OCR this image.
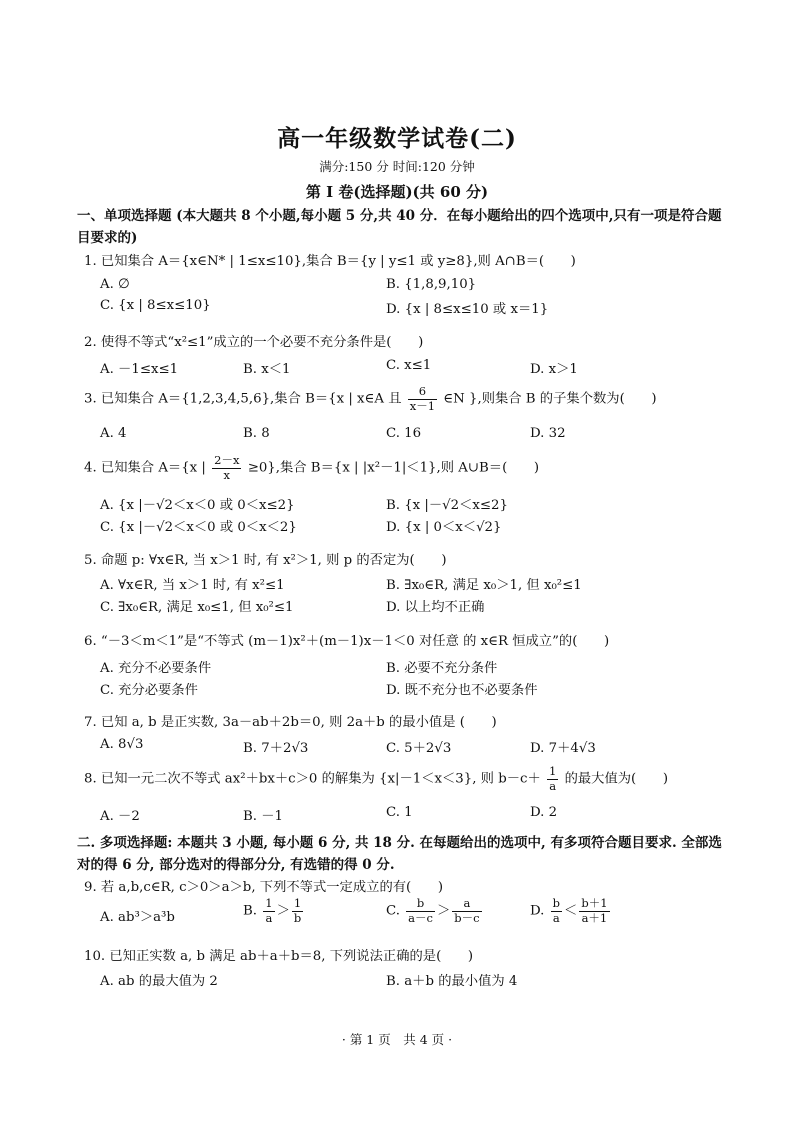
高一年级数学试卷(二)
满分:150 分 时间:120 分钟
第 I 卷(选择题)(共 60 分)
一、单项选择题 (本大题共 8 个小题,每小题 5 分,共 40 分．在每小题给出的四个选项中,只有一项是符合题目要求的)
1. 已知集合 A＝{x∈N* | 1≤x≤10},集合 B＝{y | y≤1 或 y≥8},则 A∩B＝(　　)
A. ∅	B. {1,8,9,10}
C. {x | 8≤x≤10}	D. {x | 8≤x≤10 或 x＝1}
2. 使得不等式“x²≤1”成立的一个必要不充分条件是(　　)
A. －1≤x≤1	B. x＜1	C. x≤1	D. x＞1
3. 已知集合 A＝{1,2,3,4,5,6},集合 B＝{x | x∈A 且 $\frac{6}{x-1}$ ∈N },则集合 B 的子集个数为(　　)
A. 4	B. 8	C. 16	D. 32
4. 已知集合 A＝{x | $\frac{2-x}{x} \ge 0$},集合 B＝{x | |x²－1|＜1},则 A∪B＝(　　)
A. {x |－√2＜x＜0 或 0＜x≤2}	B. {x |－√2＜x≤2}
C. {x |－√2＜x＜0 或 0＜x＜2}	D. {x | 0＜x＜√2}
5. 命题 p: ∀x∈R, 当 x＞1 时, 有 x²＞1, 则 p 的否定为(　　)
A. ∀x∈R, 当 x＞1 时, 有 x²≤1	B. ∃x₀∈R, 满足 x₀＞1, 但 x₀²≤1
C. ∃x₀∈R, 满足 x₀≤1, 但 x₀²≤1	D. 以上均不正确
6. “－3＜m＜1”是“不等式 (m－1)x²＋(m－1)x－1＜0 对任意 的 x∈R 恒成立”的(　　)
A. 充分不必要条件	B. 必要不充分条件
C. 充分必要条件	D. 既不充分也不必要条件
7. 已知 a, b 是正实数, 3a－ab＋2b＝0, 则 2a＋b 的最小值是 (　　)
A. 8√3	B. 7＋2√3	C. 5＋2√3	D. 7＋4√3
8. 已知一元二次不等式 ax²＋bx＋c＞0 的解集为 {x|－1＜x＜3}, 则 $b-c+ \frac{1}{a}$ 的最大值为(　　)
A. －2	B. －1	C. 1	D. 2
二. 多项选择题: 本题共 3 小题, 每小题 6 分, 共 18 分. 在每题给出的选项中, 有多项符合题目要求. 全部选对的得 6 分, 部分选对的得部分分, 有选错的得 0 分.
9. 若 a,b,c∈R, c＞0＞a＞b, 下列不等式一定成立的有(　　)
A. ab³＞a³b	B. $\frac{1}{a} > \frac{1}{b}$	C. $\frac{b}{a-c} > \frac{a}{b-c}$	D. $\frac{b}{a} < \frac{b+1}{a+1}$
10. 已知正实数 a, b 满足 ab＋a＋b＝8, 下列说法正确的是(　　)
A. ab 的最大值为 2	B. a＋b 的最小值为 4
· 第 1 页　共 4 页 ·
